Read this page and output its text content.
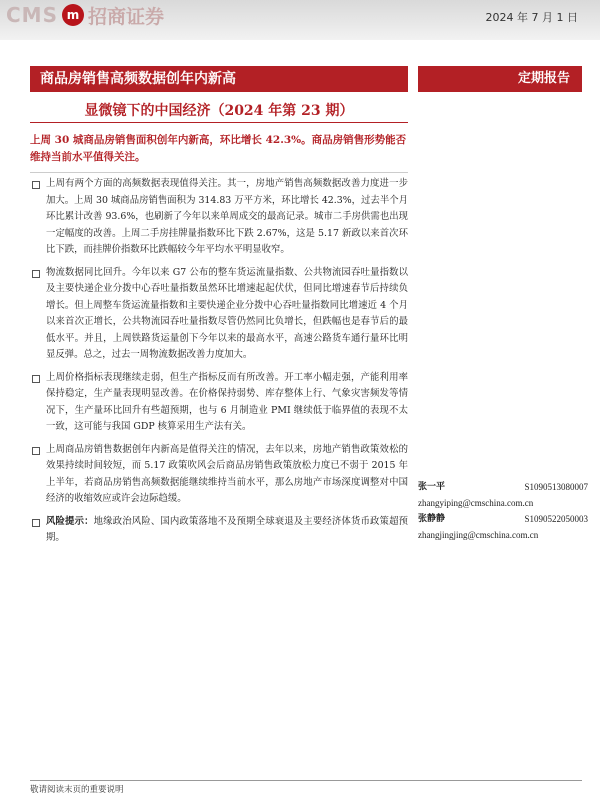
CMS m 招商证券	2024 年 7 月 1 日
商品房销售高频数据创年内新高	定期报告
显微镜下的中国经济（2024 年第 23 期）
上周 30 城商品房销售面积创年内新高，环比增长 42.3%。商品房销售形势能否维持当前水平值得关注。
上周有两个方面的高频数据表现值得关注。其一，房地产销售高频数据改善力度进一步加大。上周 30 城商品房销售面积为 314.83 万平方米，环比增长 42.3%，过去半个月环比累计改善 93.6%，也刷新了今年以来单周成交的最高记录。城市二手房供需也出现一定幅度的改善。上周二手房挂牌量指数环比下跌 2.67%，这是 5.17 新政以来首次环比下跌，而挂牌价指数环比跌幅较今年平均水平明显收窄。
物流数据同比回升。今年以来 G7 公布的整车货运流量指数、公共物流园吞吐量指数以及主要快递企业分拨中心吞吐量指数虽然环比增速起起伏伏，但同比增速春节后持续负增长。但上周整车货运流量指数和主要快递企业分拨中心吞吐量指数同比增速近 4 个月以来首次正增长，公共物流园吞吐量指数尽管仍然同比负增长，但跌幅也是春节后的最低水平。并且，上周铁路货运量创下今年以来的最高水平，高速公路货车通行量环比明显反弹。总之，过去一周物流数据改善力度加大。
上周价格指标表现继续走弱，但生产指标反而有所改善。开工率小幅走强，产能利用率保持稳定，生产量表现明显改善。在价格保持弱势、库存整体上行、气象灾害频发等情况下，生产量环比回升有些超预期，也与 6 月制造业 PMI 继续低于临界值的表现不太一致，这可能与我国 GDP 核算采用生产法有关。
上周商品房销售数据创年内新高是值得关注的情况，去年以来，房地产销售政策效松的效果持续时间较短，而 5.17 政策吹风会后商品房销售政策放松力度已不弱于 2015 年上半年，若商品房销售高频数据能继续维持当前水平，那么房地产市场深度调整对中国经济的收缩效应或许会边际趋缓。
风险提示：地缘政治风险、国内政策落地不及预期全球衰退及主要经济体货币政策超预期。
张一平	S1090513080007
zhangyiping@cmschina.com.cn
张静静	S1090522050003
zhangjingjing@cmschina.com.cn
敬请阅读末页的重要说明
